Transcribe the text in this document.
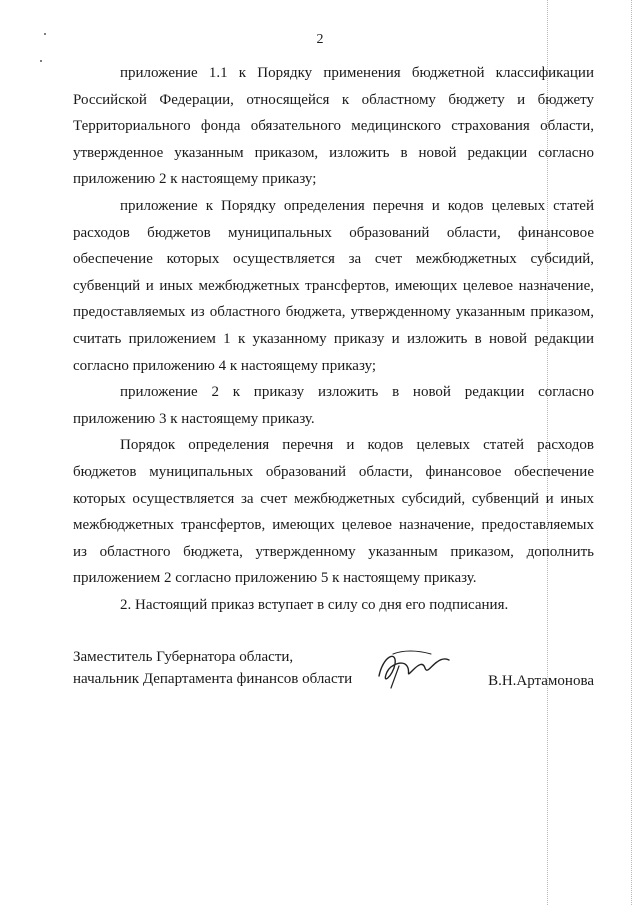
2

приложение 1.1 к Порядку применения бюджетной классификации Российской Федерации, относящейся к областному бюджету и бюджету Территориального фонда обязательного медицинского страхования области, утвержденное указанным приказом, изложить в новой редакции согласно приложению 2 к настоящему приказу;

приложение к Порядку определения перечня и кодов целевых статей расходов бюджетов муниципальных образований области, финансовое обеспечение которых осуществляется за счет межбюджетных субсидий, субвенций и иных межбюджетных трансфертов, имеющих целевое назначение, предоставляемых из областного бюджета, утвержденному указанным приказом, считать приложением 1 к указанному приказу и изложить в новой редакции согласно приложению 4 к настоящему приказу;

приложение 2 к приказу изложить в новой редакции согласно приложению 3 к настоящему приказу.

Порядок определения перечня и кодов целевых статей расходов бюджетов муниципальных образований области, финансовое обеспечение которых осуществляется за счет межбюджетных субсидий, субвенций и иных межбюджетных трансфертов, имеющих целевое назначение, предоставляемых из областного бюджета, утвержденному указанным приказом, дополнить приложением 2 согласно приложению 5 к настоящему приказу.

2. Настоящий приказ вступает в силу со дня его подписания.

Заместитель Губернатора области,
начальник Департамента финансов области	В.Н.Артамонова
